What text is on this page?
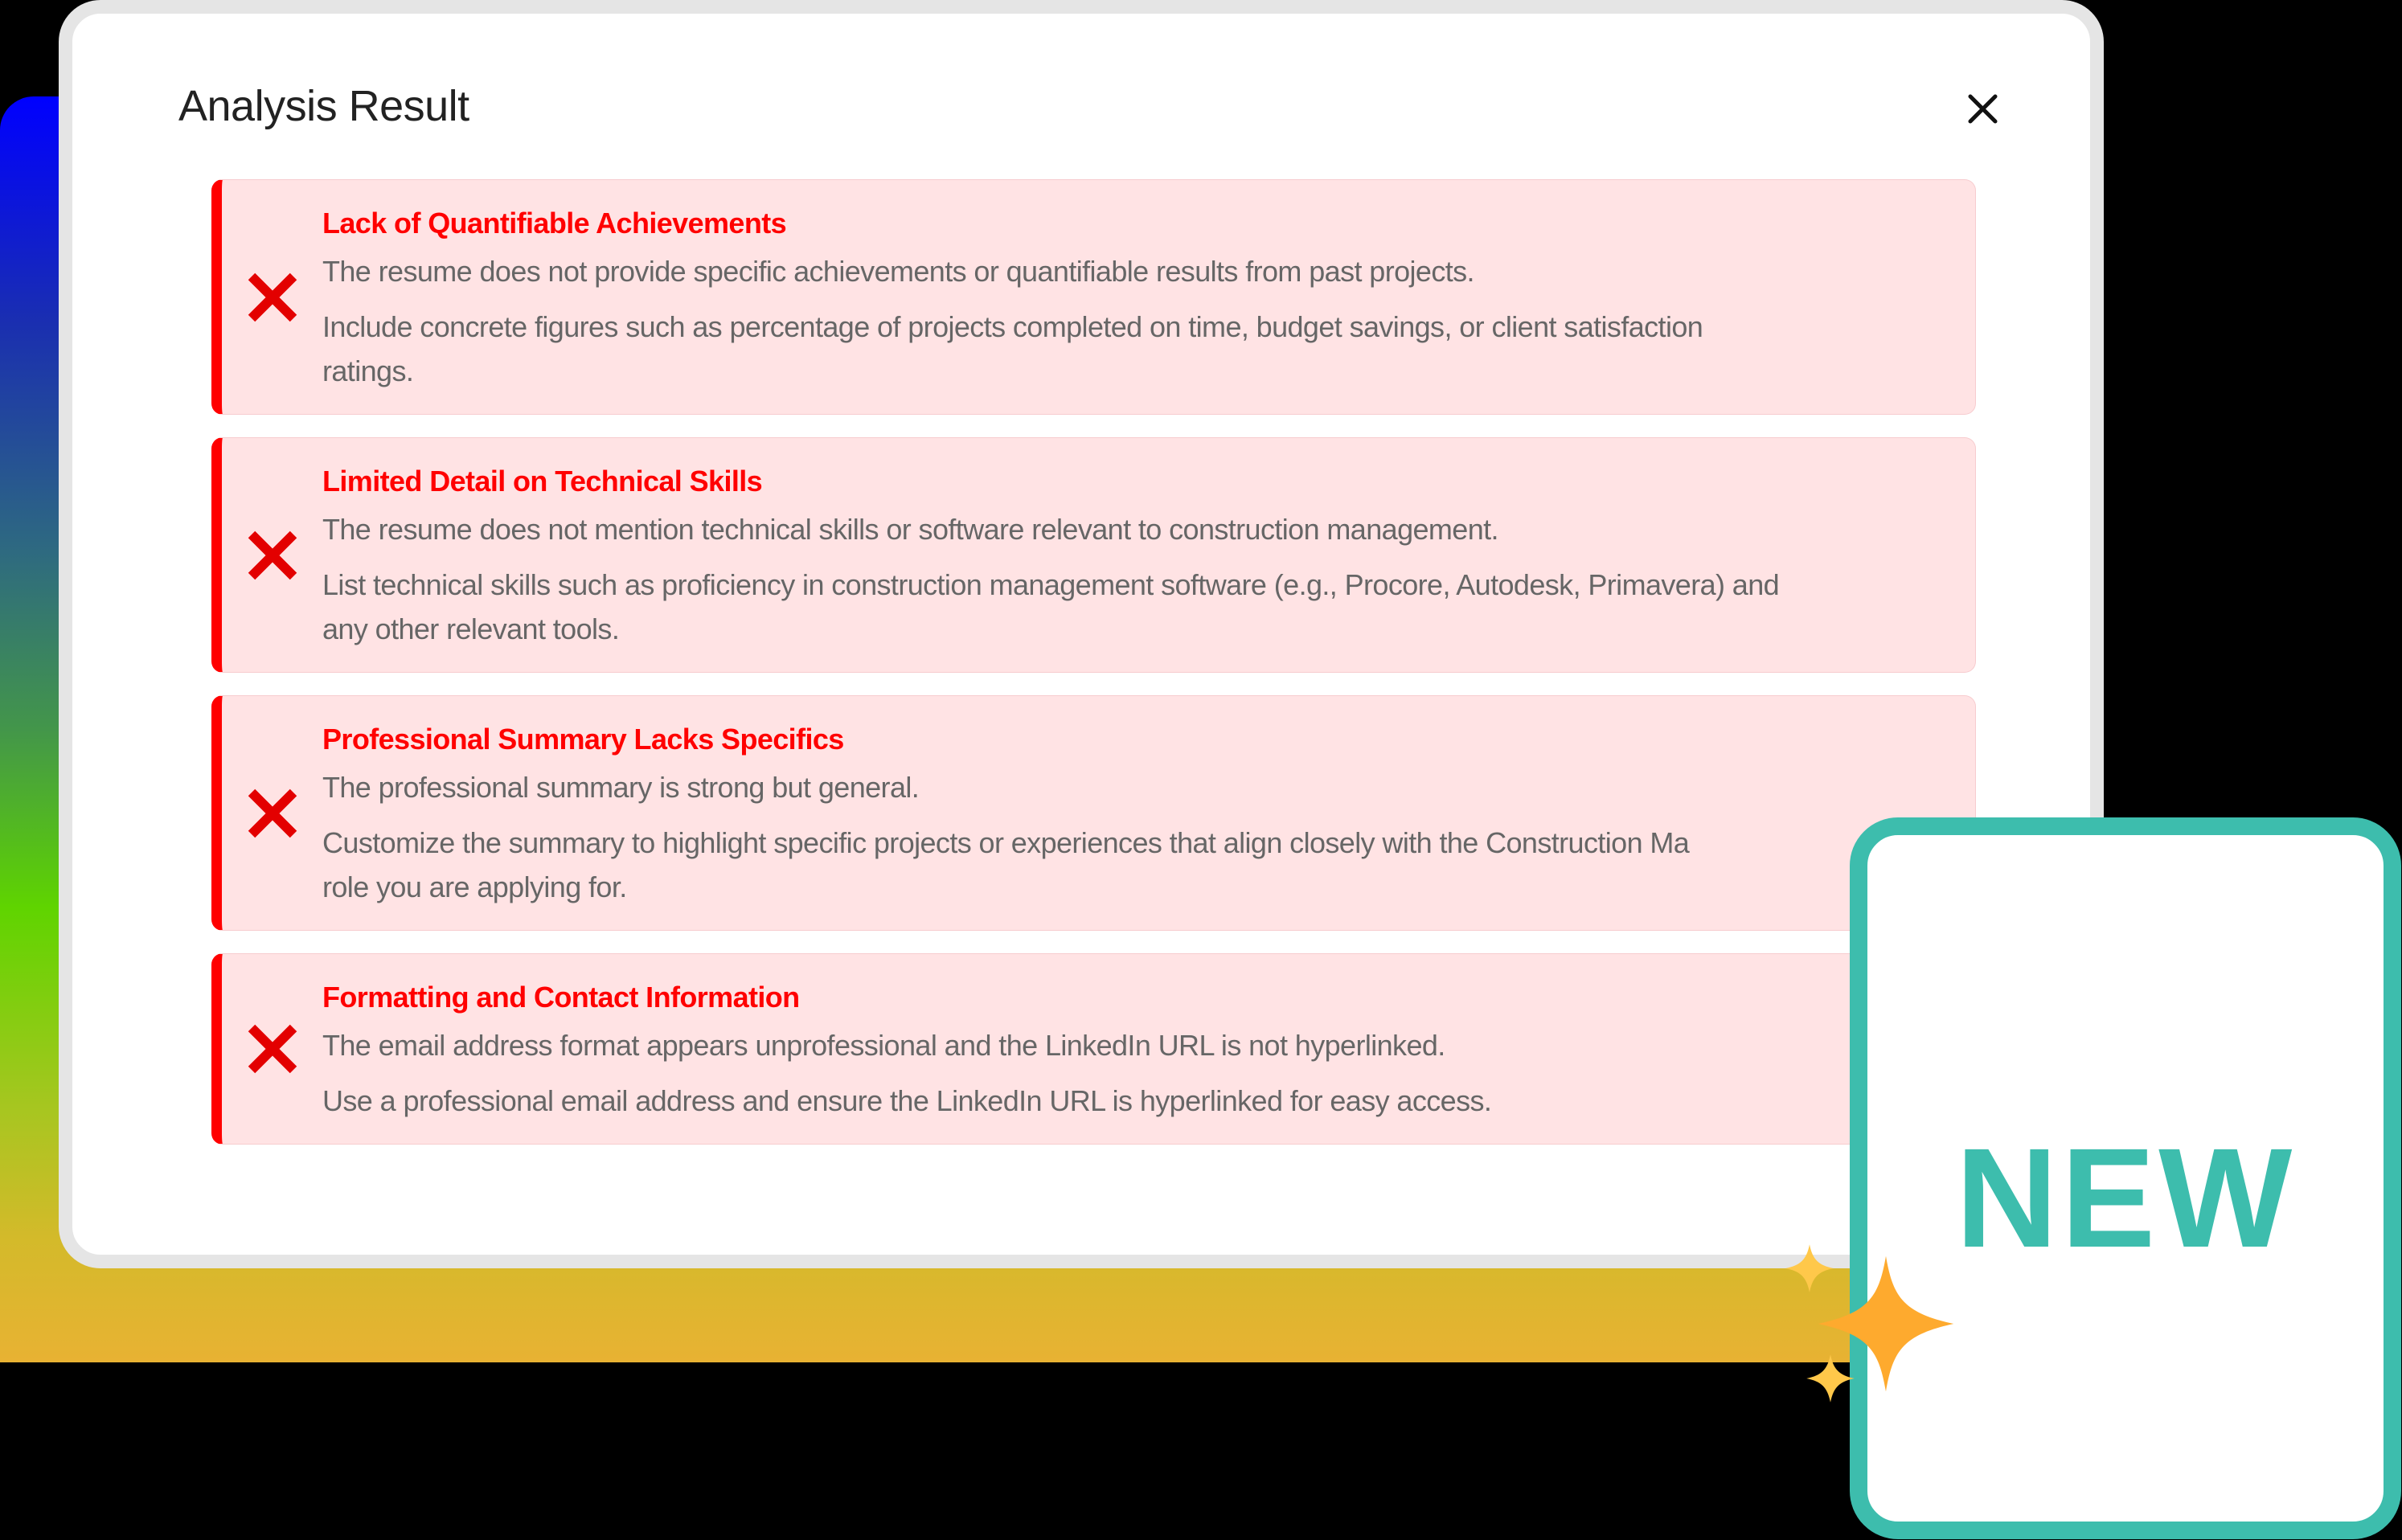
Analysis Result
Lack of Quantifiable Achievements

The resume does not provide specific achievements or quantifiable results from past projects.

Include concrete figures such as percentage of projects completed on time, budget savings, or client satisfaction
ratings.

Limited Detail on Technical Skills

The resume does not mention technical skills or software relevant to construction management.

List technical skills such as proficiency in construction management software (e.g., Procore, Autodesk, Primavera) and
any other relevant tools.

Professional Summary Lacks Specifics

The professional summary is strong but general.

Customize the summary to highlight specific projects or experiences that align closely with the Construction Ma
role you are applying for.

Formatting and Contact Information

The email address format appears unprofessional and the LinkedIn URL is not hyperlinked.

Use a professional email address and ensure the LinkedIn URL is hyperlinked for easy access.

NEW
